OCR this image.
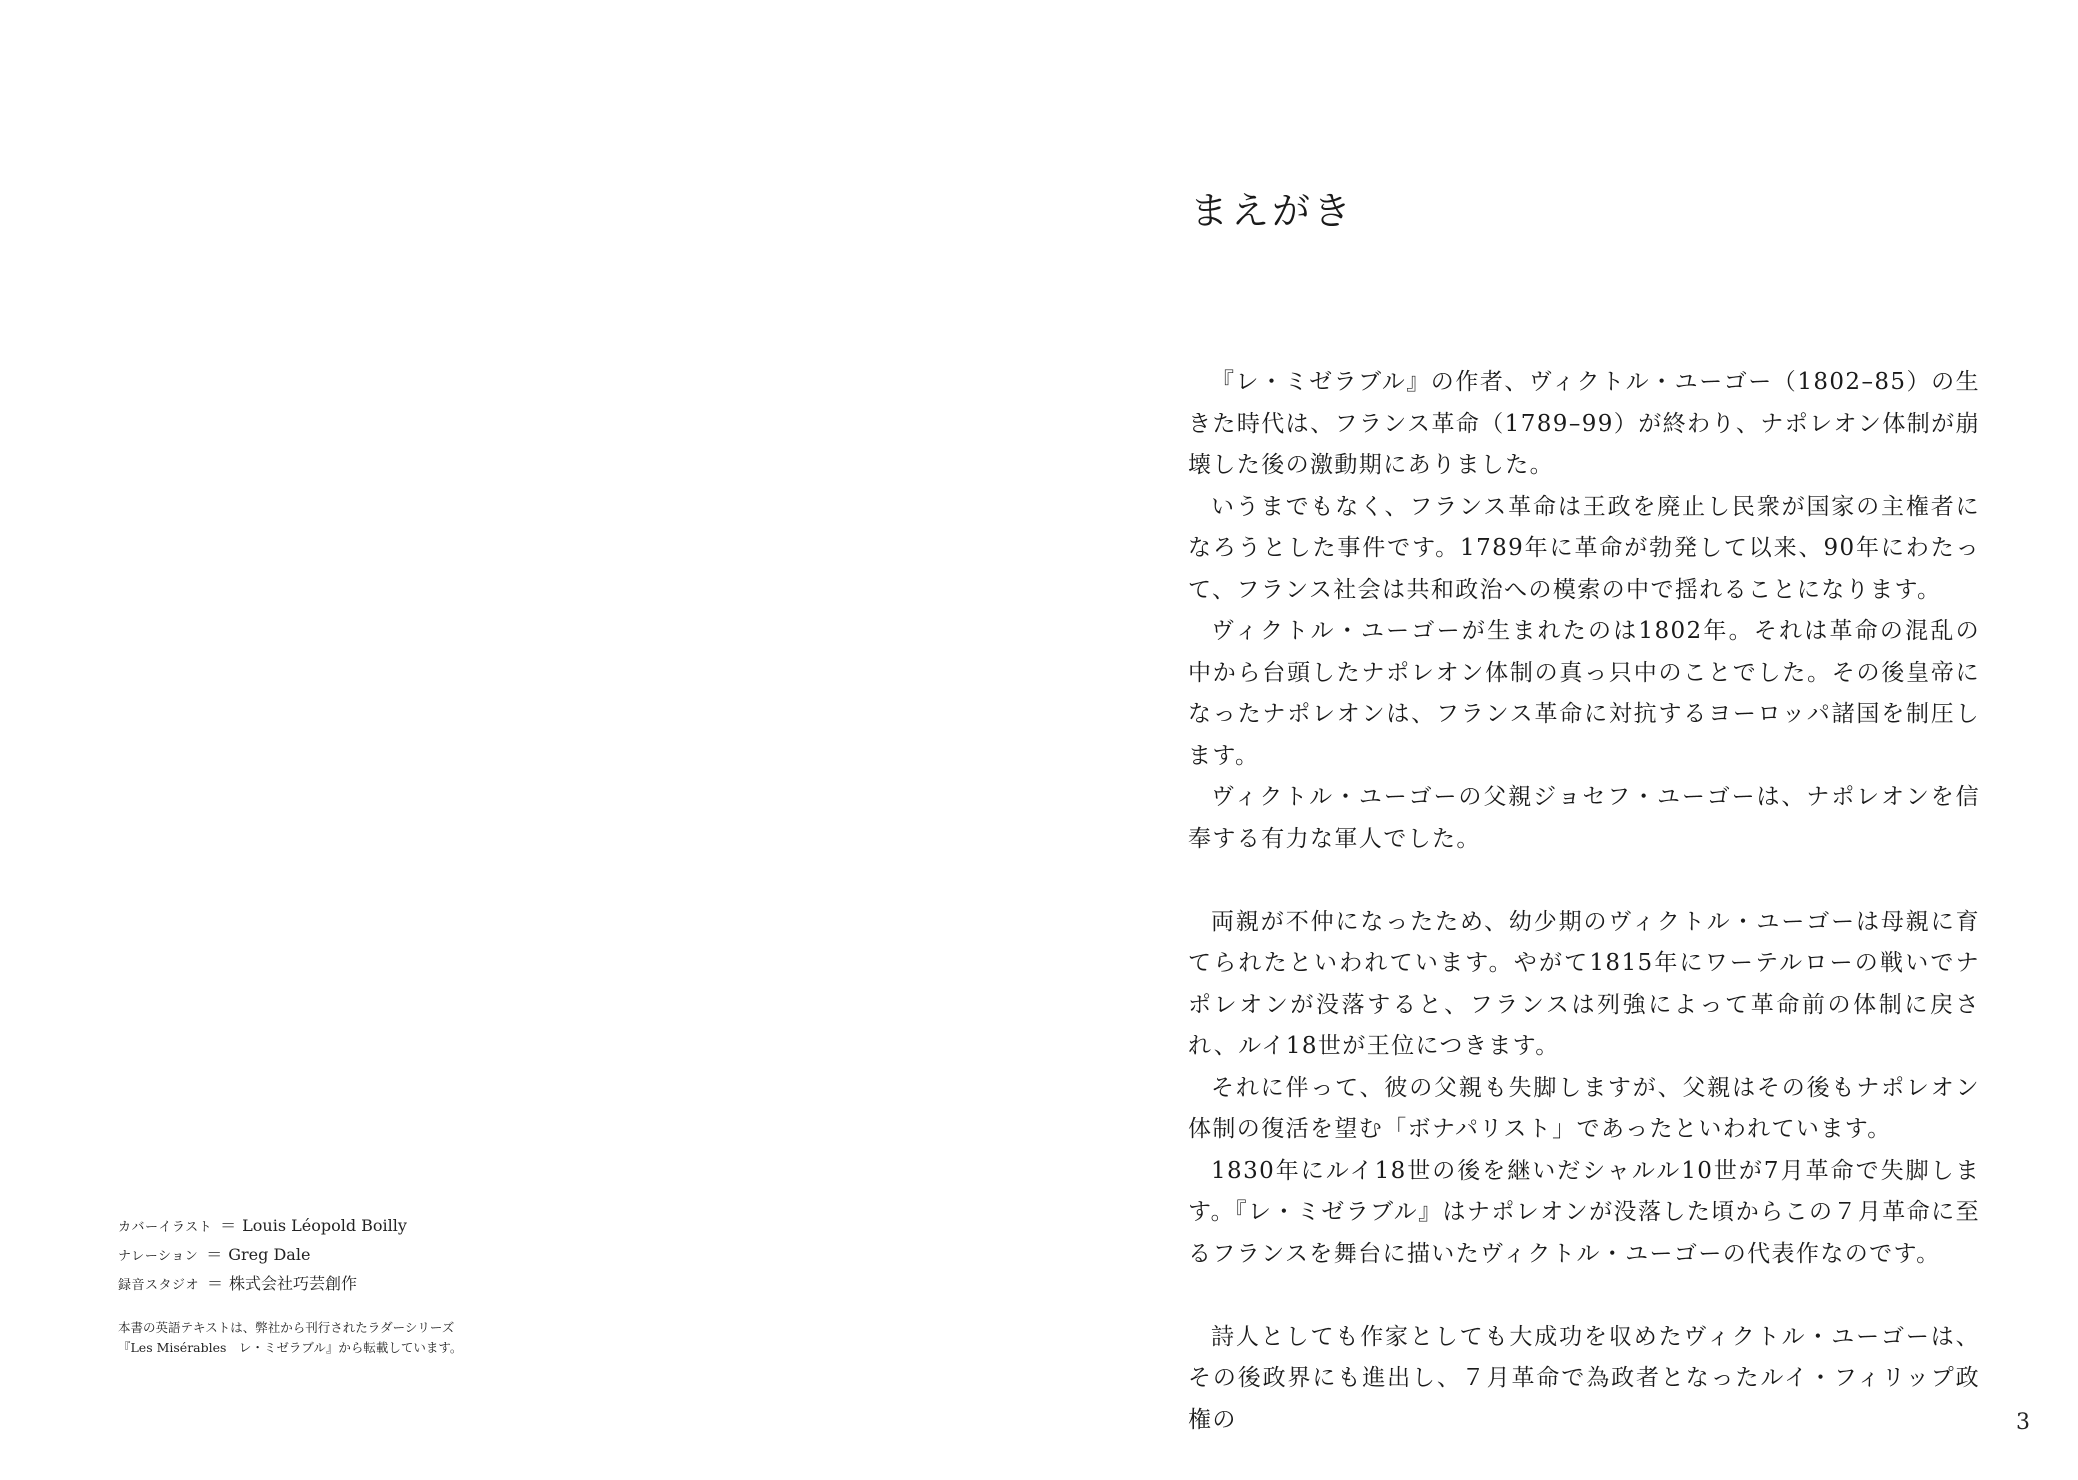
カバーイラスト ＝ Louis Léopold Boilly
ナレーション ＝ Greg Dale
録音スタジオ ＝ 株式会社巧芸創作

本書の英語テキストは、弊社から刊行されたラダーシリーズ

『Les Misérables　レ・ミゼラブル』から転載しています。

まえがき

『レ・ミゼラブル』の作者、ヴィクトル・ユーゴー（1802–85）の生きた時代は、フランス革命（1789–99）が終わり、ナポレオン体制が崩壊した後の激動期にありました。

いうまでもなく、フランス革命は王政を廃止し民衆が国家の主権者になろうとした事件です。1789年に革命が勃発して以来、90年にわたって、フランス社会は共和政治への模索の中で揺れることになります。

ヴィクトル・ユーゴーが生まれたのは1802年。それは革命の混乱の中から台頭したナポレオン体制の真っ只中のことでした。その後皇帝になったナポレオンは、フランス革命に対抗するヨーロッパ諸国を制圧します。

ヴィクトル・ユーゴーの父親ジョセフ・ユーゴーは、ナポレオンを信奉する有力な軍人でした。

両親が不仲になったため、幼少期のヴィクトル・ユーゴーは母親に育てられたといわれています。やがて1815年にワーテルローの戦いでナポレオンが没落すると、フランスは列強によって革命前の体制に戻され、ルイ18世が王位につきます。

それに伴って、彼の父親も失脚しますが、父親はその後もナポレオン体制の復活を望む「ボナパリスト」であったといわれています。

1830年にルイ18世の後を継いだシャルル10世が7月革命で失脚します。『レ・ミゼラブル』はナポレオンが没落した頃からこの７月革命に至るフランスを舞台に描いたヴィクトル・ユーゴーの代表作なのです。

詩人としても作家としても大成功を収めたヴィクトル・ユーゴーは、その後政界にも進出し、７月革命で為政者となったルイ・フィリップ政権の	3
